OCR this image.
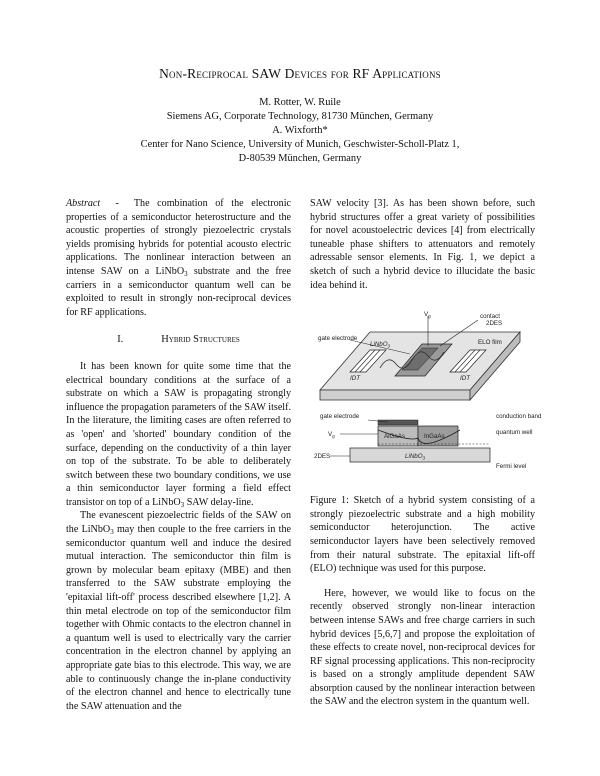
Non-Reciprocal SAW Devices for RF Applications
M. Rotter, W. Ruile
Siemens AG, Corporate Technology, 81730 München, Germany
A. Wixforth*
Center for Nano Science, University of Munich, Geschwister-Scholl-Platz 1,
D-80539 München, Germany

Abstract - The combination of the electronic properties of a semiconductor heterostructure and the acoustic properties of strongly piezoelectric crystals yields promising hybrids for potential acousto electric applications. The nonlinear interaction between an intense SAW on a LiNbO$_3$ substrate and the free carriers in a semiconductor quantum well can be exploited to result in strongly non-reciprocal devices for RF applications.

I.	Hybrid Structures

It has been known for quite some time that the electrical boundary conditions at the surface of a substrate on which a SAW is propagating strongly influence the propagation parameters of the SAW itself. In the literature, the limiting cases are often referred to as 'open' and 'shorted' boundary condition of the surface, depending on the conductivity of a thin layer on top of the substrate. To be able to deliberately switch between these two boundary conditions, we use a thin semiconductor layer forming a field effect transistor on top of a LiNbO$_3$ SAW delay-line.

The evanescent piezoelectric fields of the SAW on the LiNbO$_3$ may then couple to the free carriers in the semiconductor quantum well and induce the desired mutual interaction. The semiconductor thin film is grown by molecular beam epitaxy (MBE) and then transferred to the SAW substrate employing the 'epitaxial lift-off' process described elsewhere [1,2]. A thin metal electrode on top of the semiconductor film together with Ohmic contacts to the electron channel in a quantum well is used to electrically vary the carrier concentration in the electron channel by applying an appropriate gate bias to this electrode. This way, we are able to continuously change the in-plane conductivity of the electron channel and hence to electrically tune the SAW attenuation and the

SAW velocity [3]. As has been shown before, such hybrid structures offer a great variety of possibilities for novel acoustoelectric devices [4] from electrically tuneable phase shifters to attenuators and remotely adressable sensor elements. In Fig. 1, we depict a sketch of such a hybrid device to illucidate the basic idea behind it.

$V_g$
gate electrode
contact
2DES
LiNbO$_3$	ELO film
IDT	IDT
gate electrode	conduction band
$V_g$	AlGaAs	InGaAs
quantum well
2DES	LiNbO$_3$
Fermi level

Figure 1: Sketch of a hybrid system consisting of a strongly piezoelectric substrate and a high mobility semiconductor heterojunction. The active semiconductor layers have been selectively removed from their natural substrate. The epitaxial lift-off (ELO) technique was used for this purpose.

Here, however, we would like to focus on the recently observed strongly non-linear interaction between intense SAWs and free charge carriers in such hybrid devices [5,6,7] and propose the exploitation of these effects to create novel, non-reciprocal devices for RF signal processing applications. This non-reciprocity is based on a strongly amplitude dependent SAW absorption caused by the nonlinear interaction between the SAW and the electron system in the quantum well.
